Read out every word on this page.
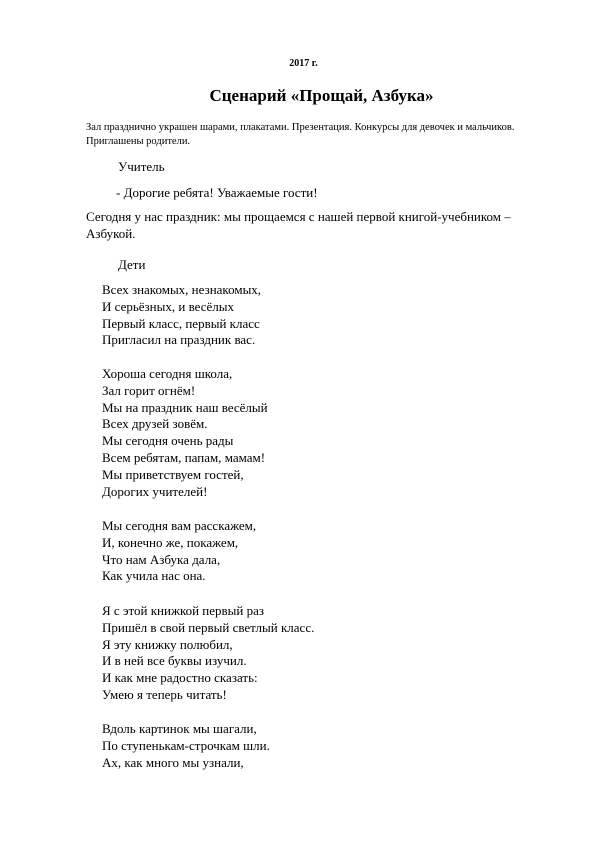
2017 г.
Сценарий «Прощай, Азбука»
Зал празднично украшен шарами, плакатами. Презентация. Конкурсы для девочек и мальчиков. Приглашены родители.
Учитель
- Дорогие ребята! Уважаемые гости!
Сегодня у нас праздник: мы прощаемся с нашей первой книгой-учебником – Азбукой.
Дети
Всех знакомых, незнакомых,
И серьёзных, и весёлых
Первый класс, первый класс
Пригласил на праздник вас.
Хороша сегодня школа,
Зал горит огнём!
Мы на праздник наш весёлый
Всех друзей зовём.
Мы сегодня очень рады
Всем ребятам, папам, мамам!
Мы приветствуем гостей,
Дорогих учителей!
Мы сегодня вам расскажем,
И, конечно же, покажем,
Что нам Азбука дала,
Как учила нас она.
Я с этой книжкой первый раз
Пришёл в свой первый светлый класс.
Я эту книжку полюбил,
И в ней все буквы изучил.
И как мне радостно сказать:
Умею я теперь читать!
Вдоль картинок мы шагали,
По ступенькам-строчкам шли.
Ах, как много мы узнали,
